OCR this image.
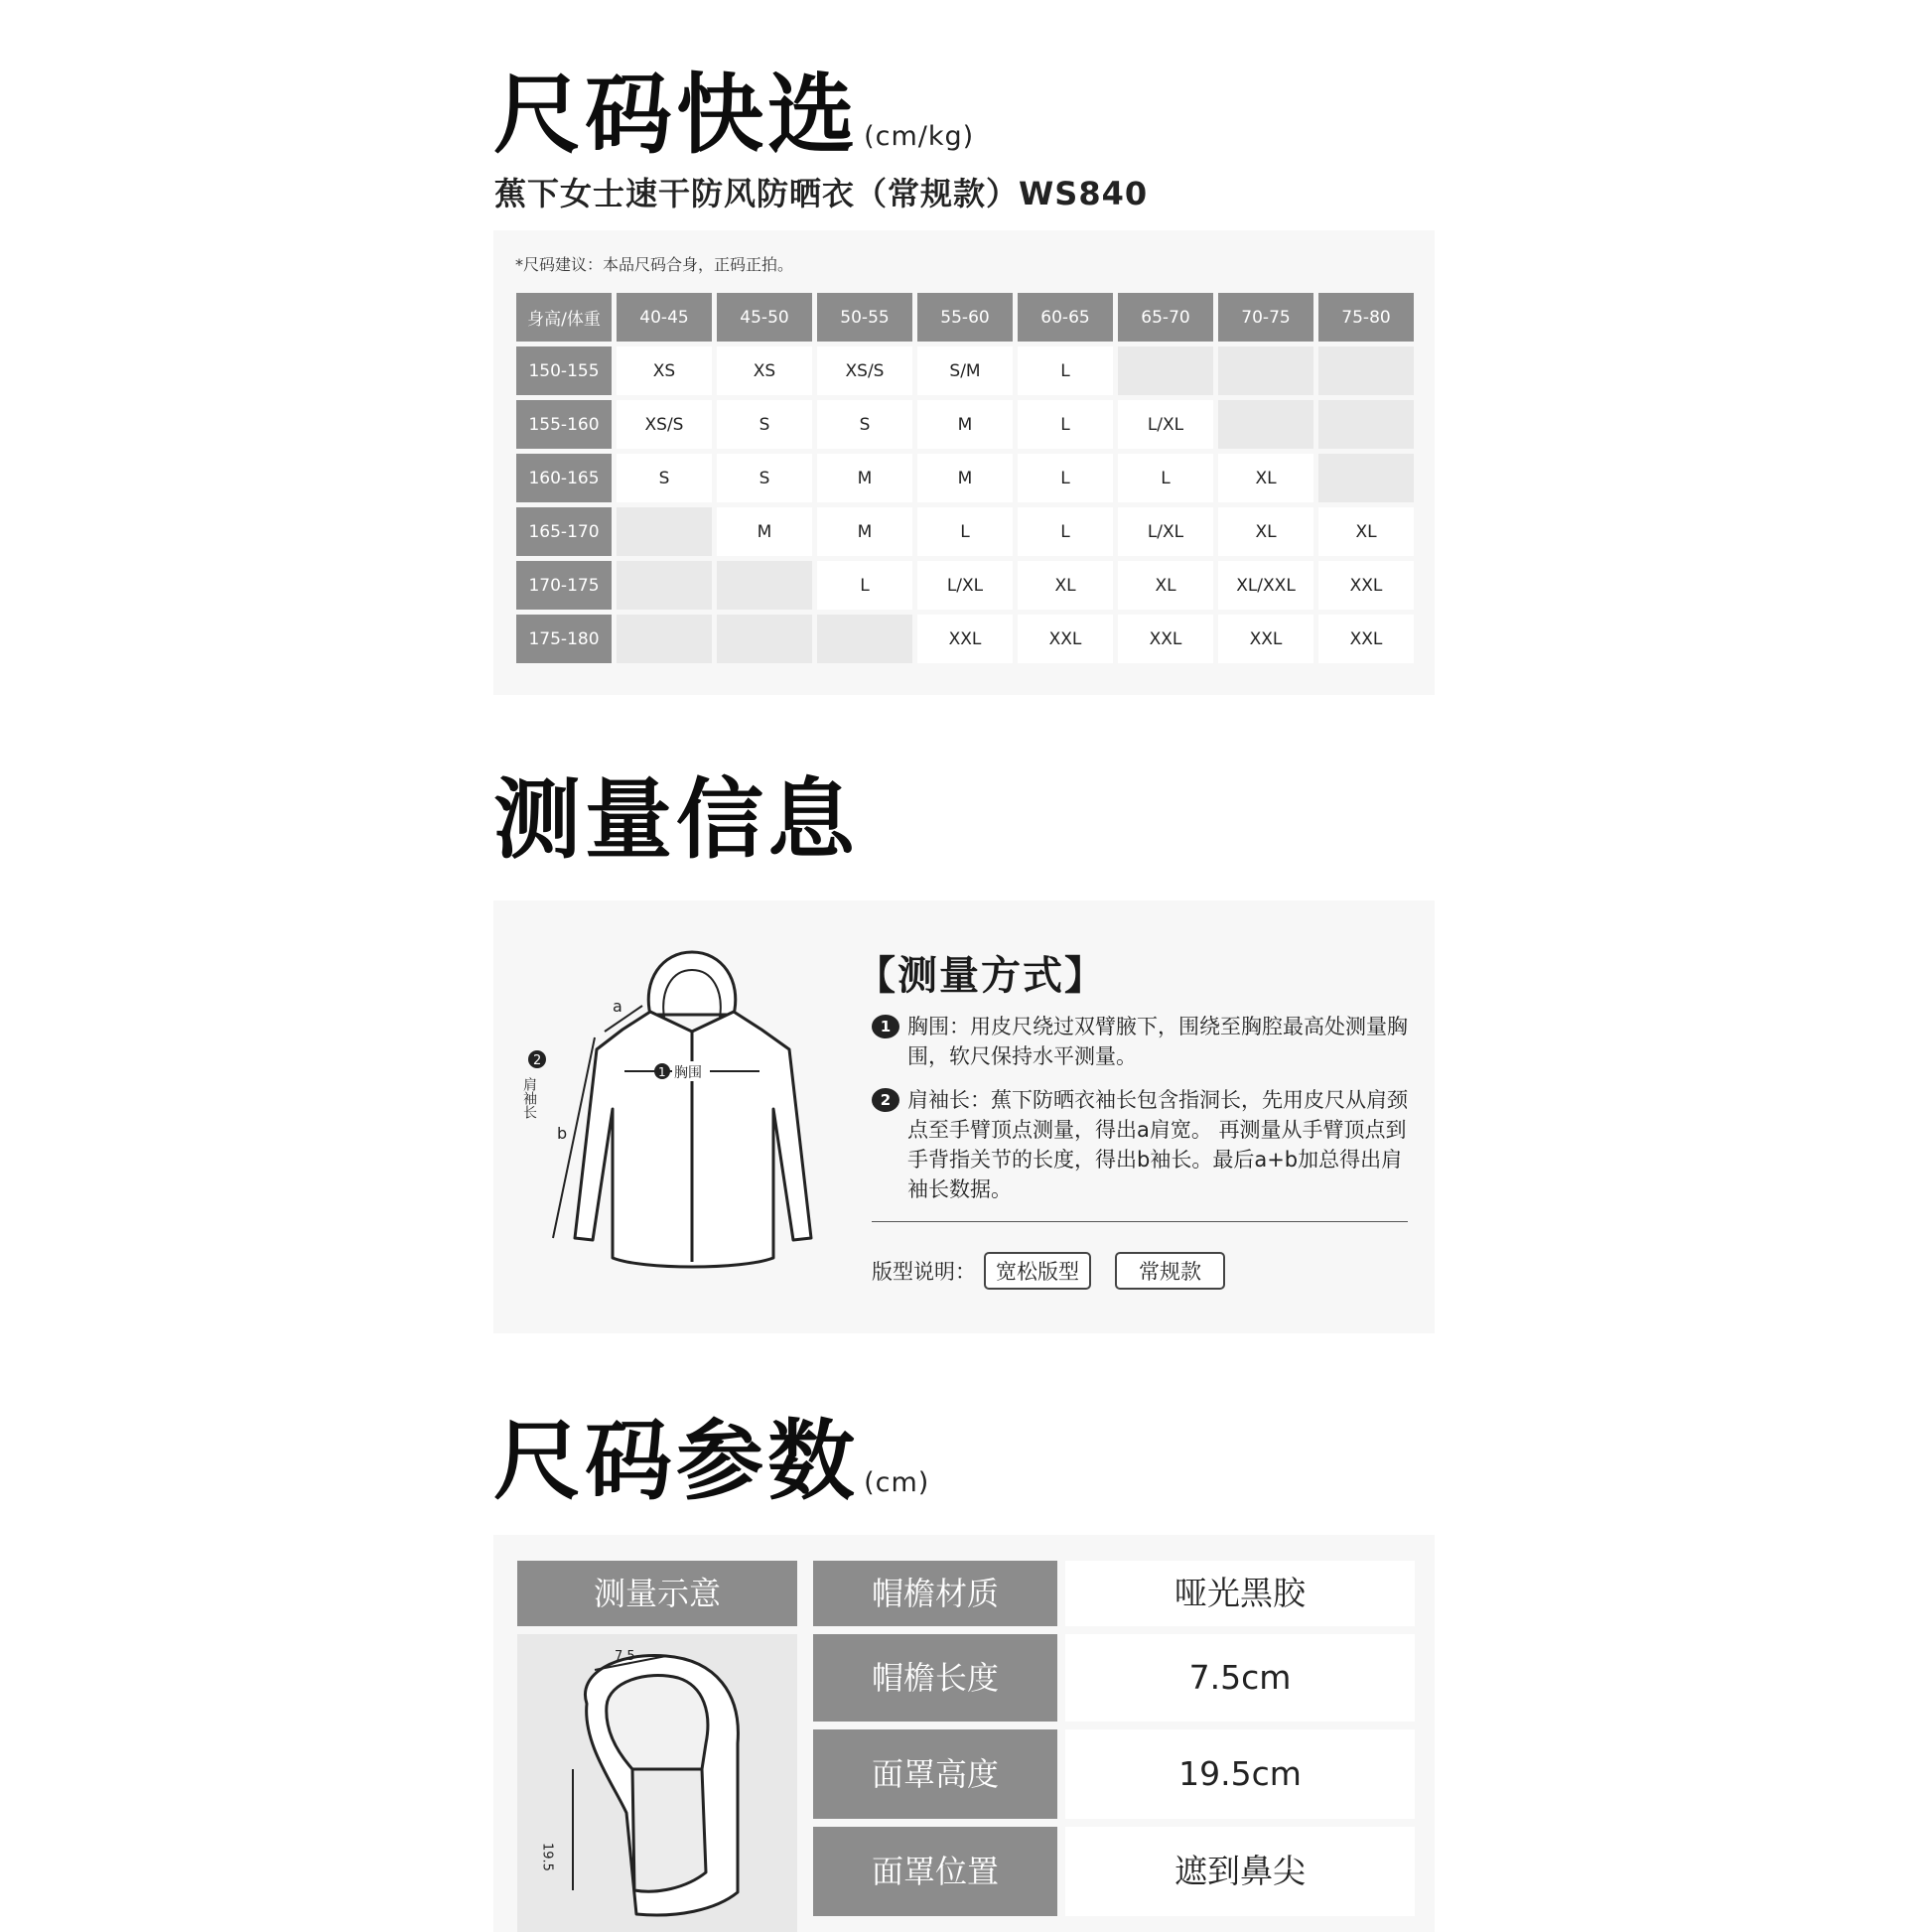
尺码快选 (cm/kg)
蕉下女士速干防风防晒衣（常规款）WS840
*尺码建议：本品尺码合身，正码正拍。
身高/体重	40-45	45-50	50-55	55-60	60-65	65-70	70-75	75-80
150-155	XS	XS	XS/S	S/M	L			
155-160	XS/S	S	S	M	L	L/XL		
160-165	S	S	M	M	L	L	XL	
165-170		M	M	L	L	L/XL	XL	XL
170-175			L	L/XL	XL	XL	XL/XXL	XXL
175-180				XXL	XXL	XXL	XXL	XXL
测量信息
a
b
2
肩袖长
1 胸围
【测量方式】
1 胸围：用皮尺绕过双臂腋下，围绕至胸腔最高处测量胸围，软尺保持水平测量。
2 肩袖长：蕉下防晒衣袖长包含指洞长，先用皮尺从肩颈点至手臂顶点测量，得出a肩宽。 再测量从手臂顶点到手背指关节的长度，得出b袖长。最后a+b加总得出肩袖长数据。
版型说明： 宽松版型	常规款
尺码参数 (cm)
测量示意
7.5
19.5
帽檐材质	哑光黑胶
帽檐长度	7.5cm
面罩高度	19.5cm
面罩位置	遮到鼻尖
